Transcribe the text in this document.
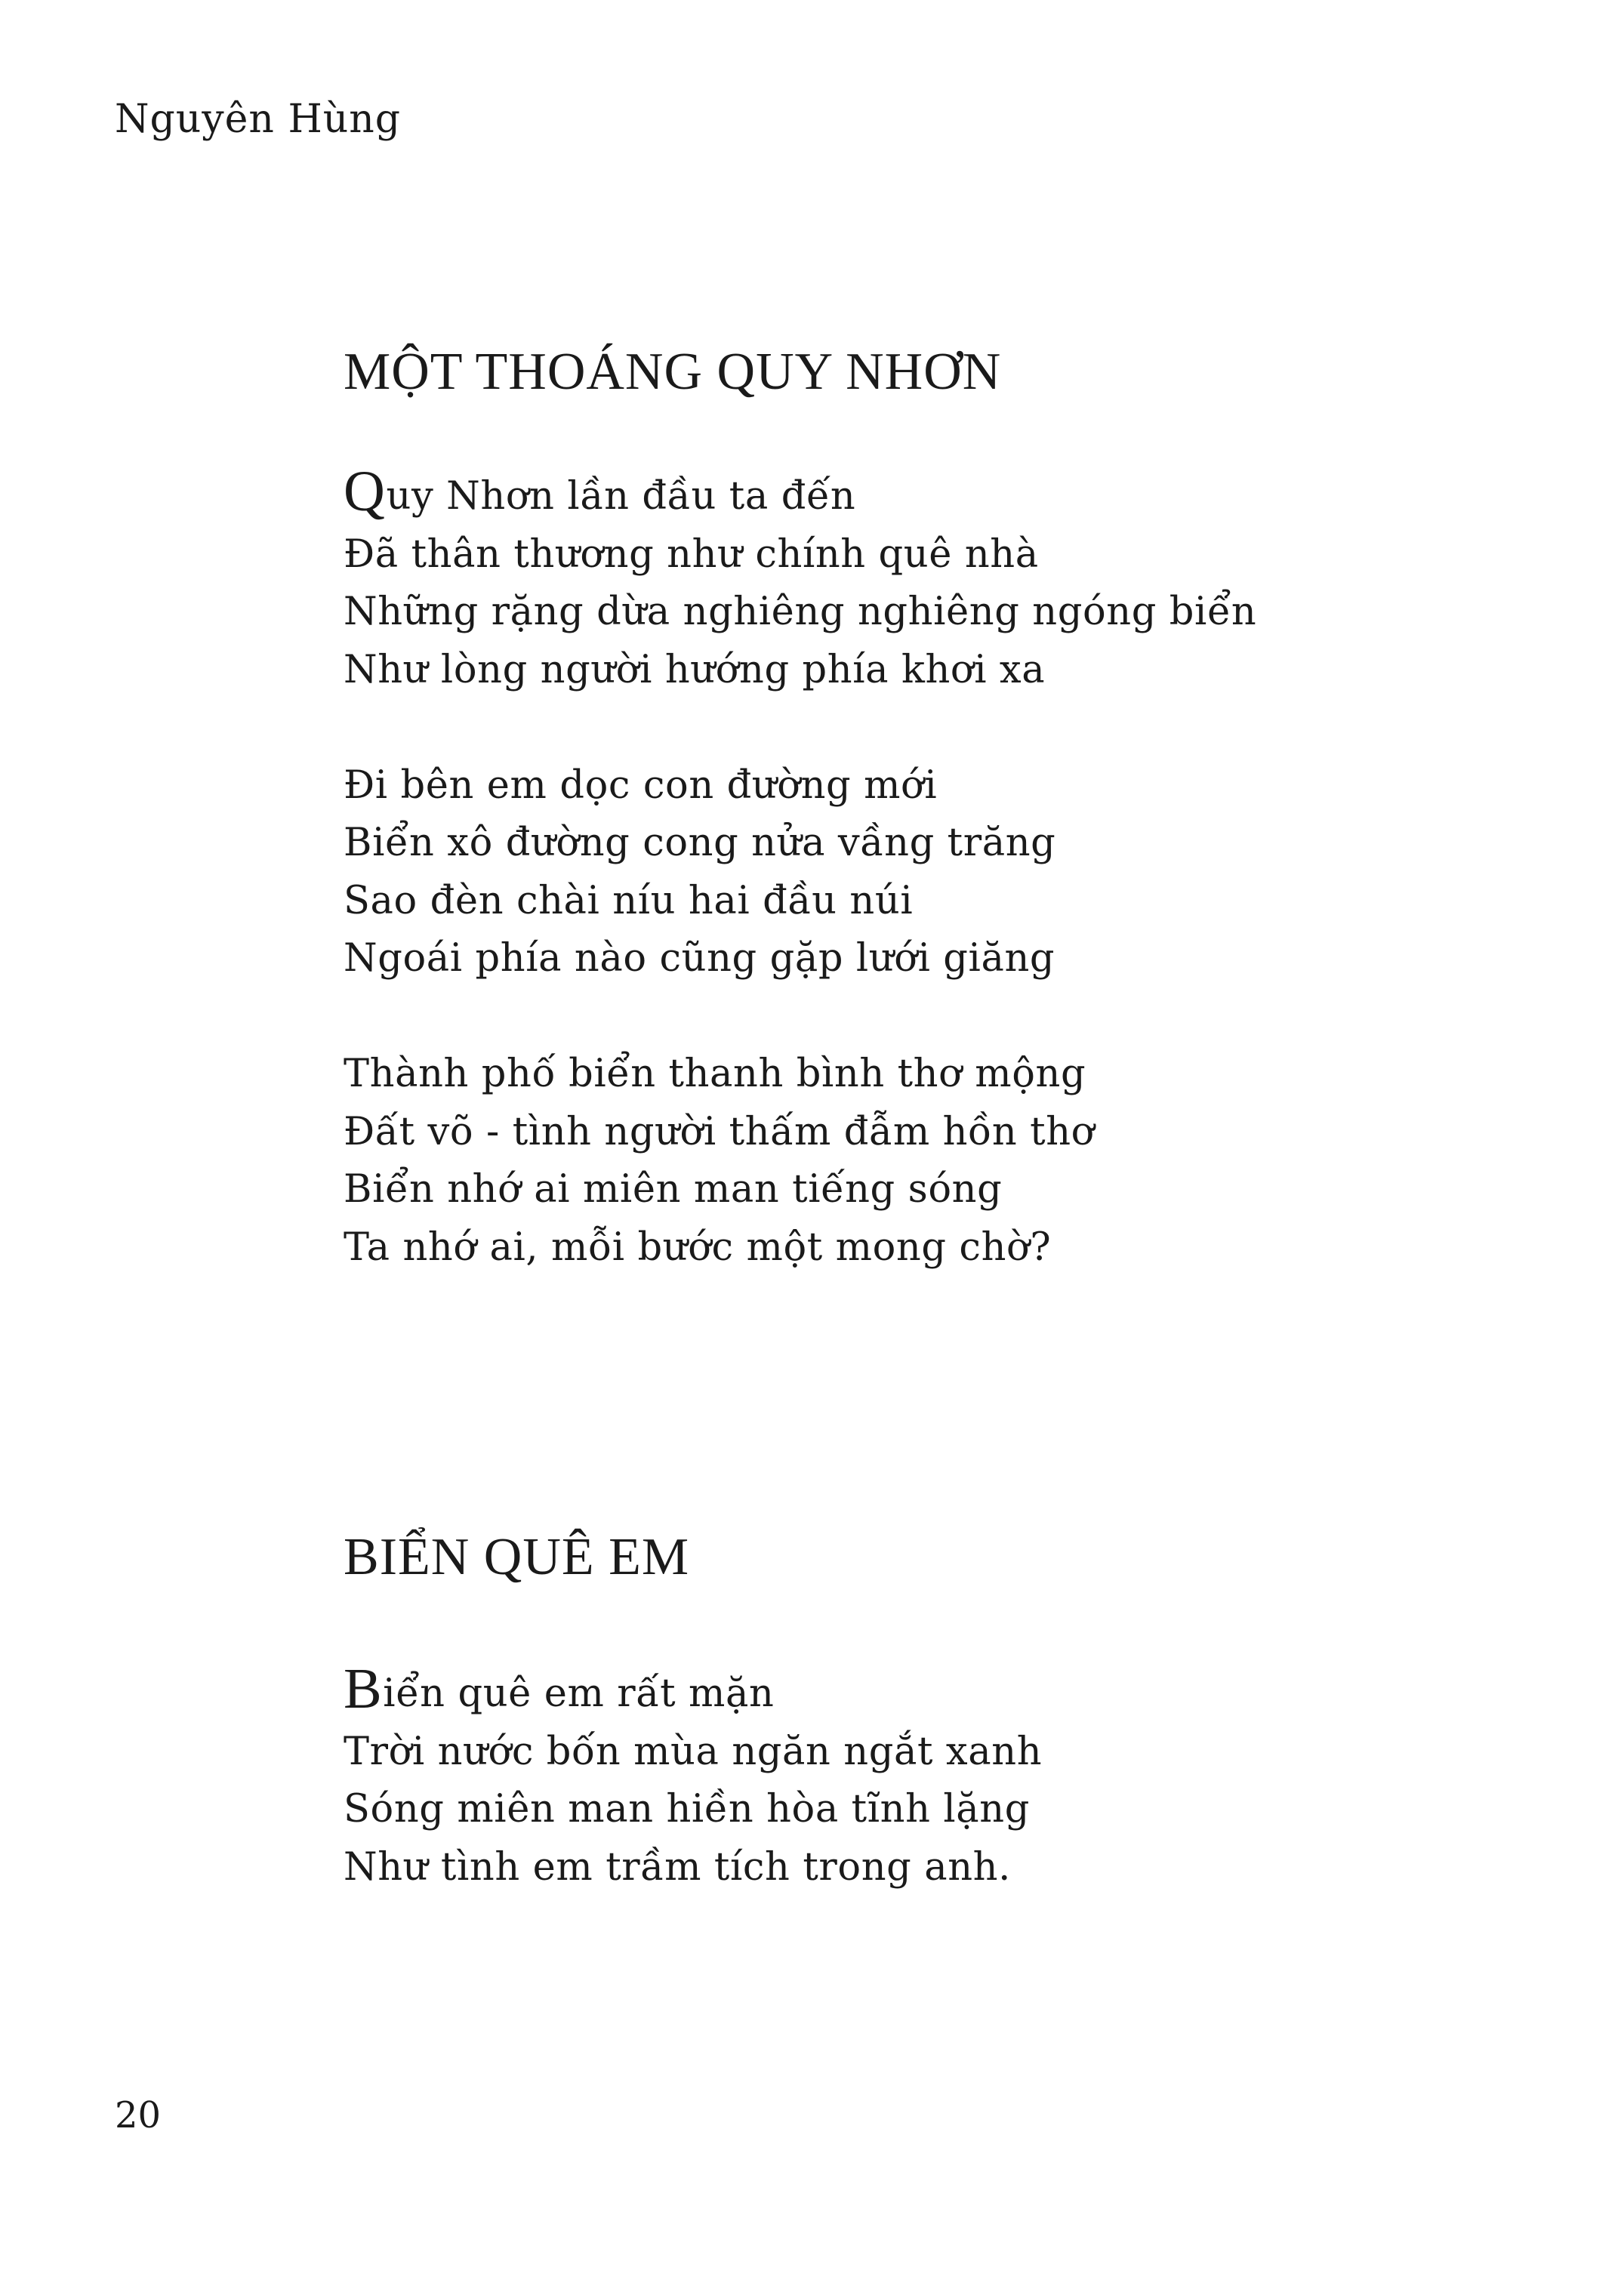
Nguyên Hùng
MỘT THOÁNG QUY NHƠN

Quy Nhơn lần đầu ta đến
Đã thân thương như chính quê nhà
Những rặng dừa nghiêng nghiêng ngóng biển
Như lòng người hướng phía khơi xa

Đi bên em dọc con đường mới
Biển xô đường cong nửa vầng trăng
Sao đèn chài níu hai đầu núi
Ngoái phía nào cũng gặp lưới giăng

Thành phố biển thanh bình thơ mộng
Đất võ - tình người thấm đẫm hồn thơ
Biển nhớ ai miên man tiếng sóng
Ta nhớ ai, mỗi bước một mong chờ?

BIỂN QUÊ EM

Biển quê em rất mặn
Trời nước bốn mùa ngăn ngắt xanh
Sóng miên man hiền hòa tĩnh lặng
Như tình em trầm tích trong anh.

20
